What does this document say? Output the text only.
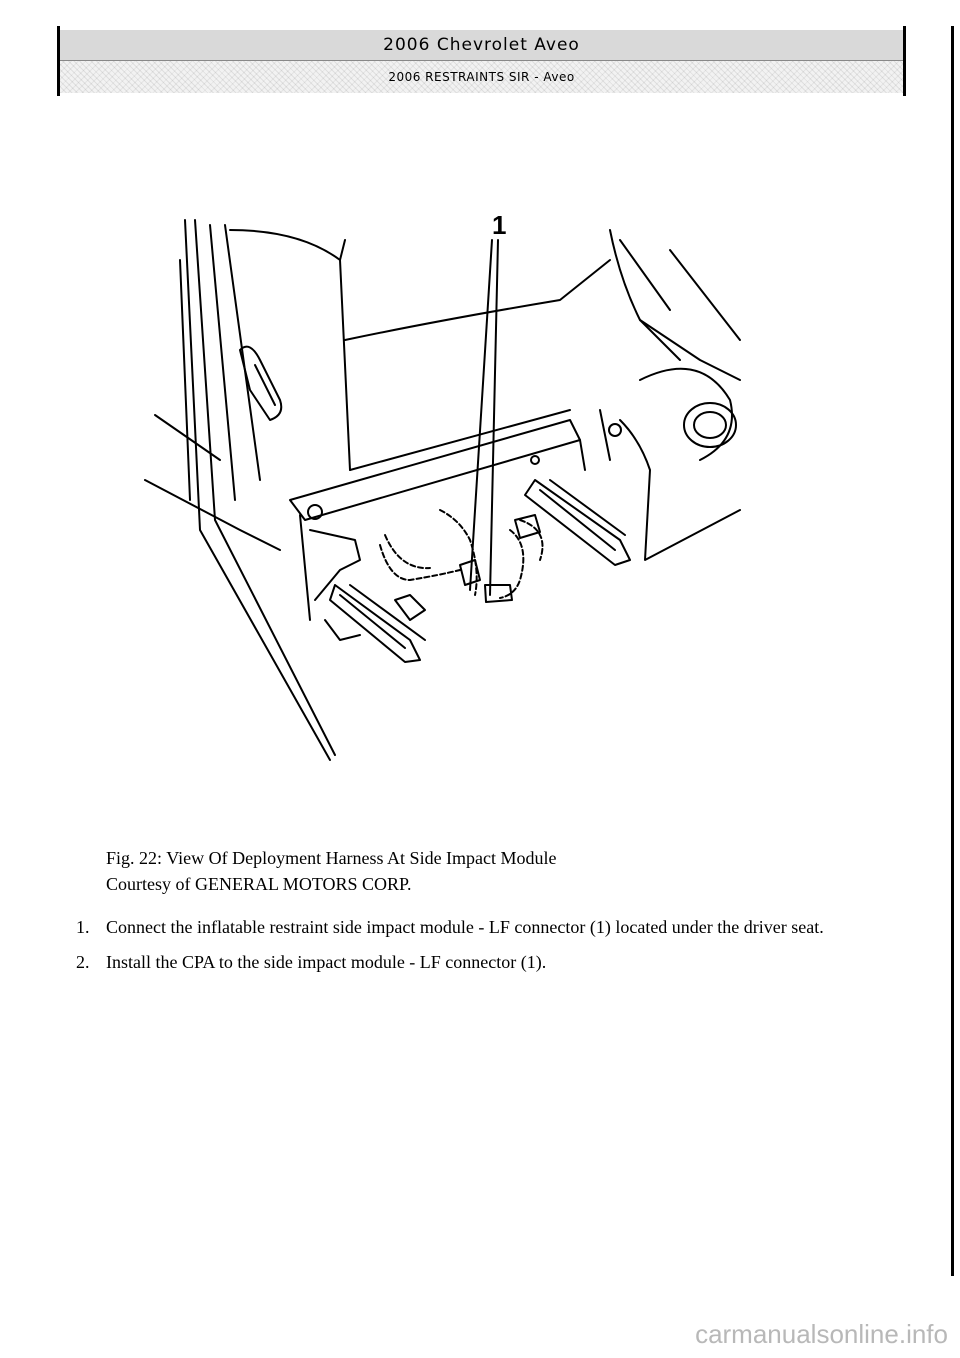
2006 Chevrolet Aveo
2006 RESTRAINTS SIR - Aveo
1
Fig. 22: View Of Deployment Harness At Side Impact Module
Courtesy of GENERAL MOTORS CORP.
1. Connect the inflatable restraint side impact module - LF connector (1) located under the driver seat.
2. Install the CPA to the side impact module - LF connector (1).
carmanualsonline.info
